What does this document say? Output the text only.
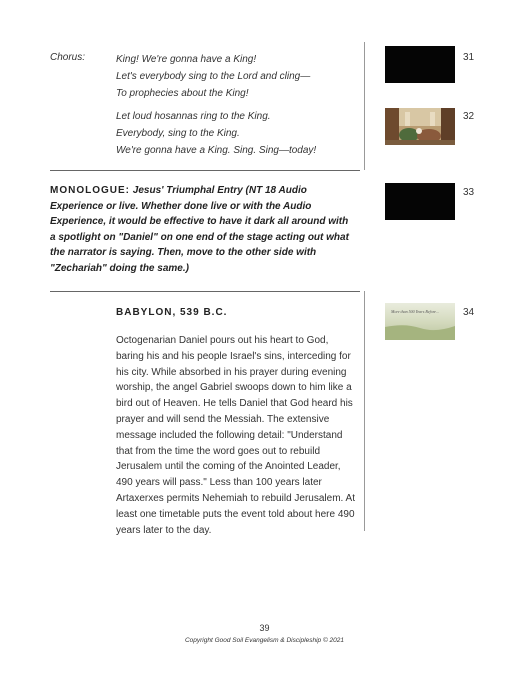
Chorus:	King! We're gonna have a King!
Let's everybody sing to the Lord and cling—
To prophecies about the King!
Let loud hosannas ring to the King.
Everybody, sing to the King.
We're gonna have a King. Sing. Sing—today!
MONOLOGUE: Jesus' Triumphal Entry (NT 18 Audio Experience or live. Whether done live or with the Audio Experience, it would be effective to have it dark all around with a spotlight on "Daniel" on one end of the stage acting out what the narrator is saying. Then, move to the other side with "Zechariah" doing the same.)
BABYLON, 539 B.C.
Octogenarian Daniel pours out his heart to God, baring his and his people Israel's sins, interceding for his city. While absorbed in his prayer during evening worship, the angel Gabriel swoops down to him like a bird out of Heaven. He tells Daniel that God heard his prayer and will send the Messiah. The extensive message included the following detail: "Understand that from the time the word goes out to rebuild Jerusalem until the coming of the Anointed Leader, 490 years will pass." Less than 100 years later Artaxerxes permits Nehemiah to rebuild Jerusalem. At least one timetable puts the event told about here 490 years later to the day.
31
32
33
More than 500 Years Before... 34
39
Copyright Good Soil Evangelism & Discipleship © 2021
